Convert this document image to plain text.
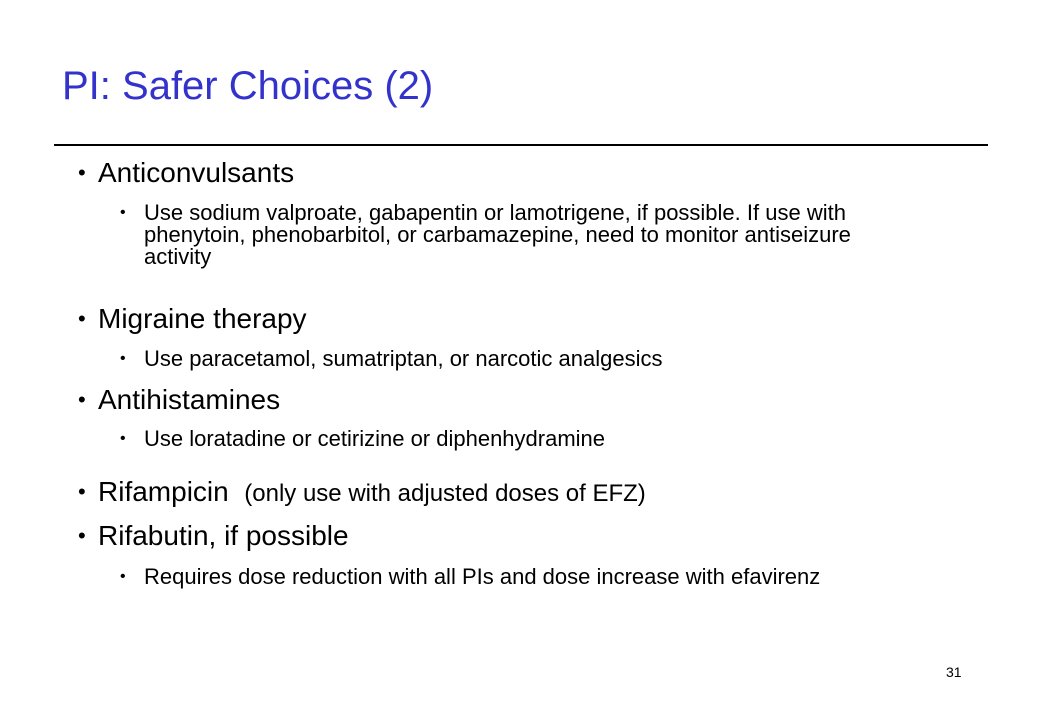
PI: Safer Choices (2)
• Anticonvulsants
• Use sodium valproate, gabapentin or lamotrigene, if possible. If use with phenytoin, phenobarbitol, or carbamazepine, need to monitor antiseizure activity
• Migraine therapy
• Use paracetamol, sumatriptan, or narcotic analgesics
• Antihistamines
• Use loratadine or cetirizine or diphenhydramine
• Rifampicin (only use with adjusted doses of EFZ)
• Rifabutin, if possible
• Requires dose reduction with all PIs and dose increase with efavirenz
31
